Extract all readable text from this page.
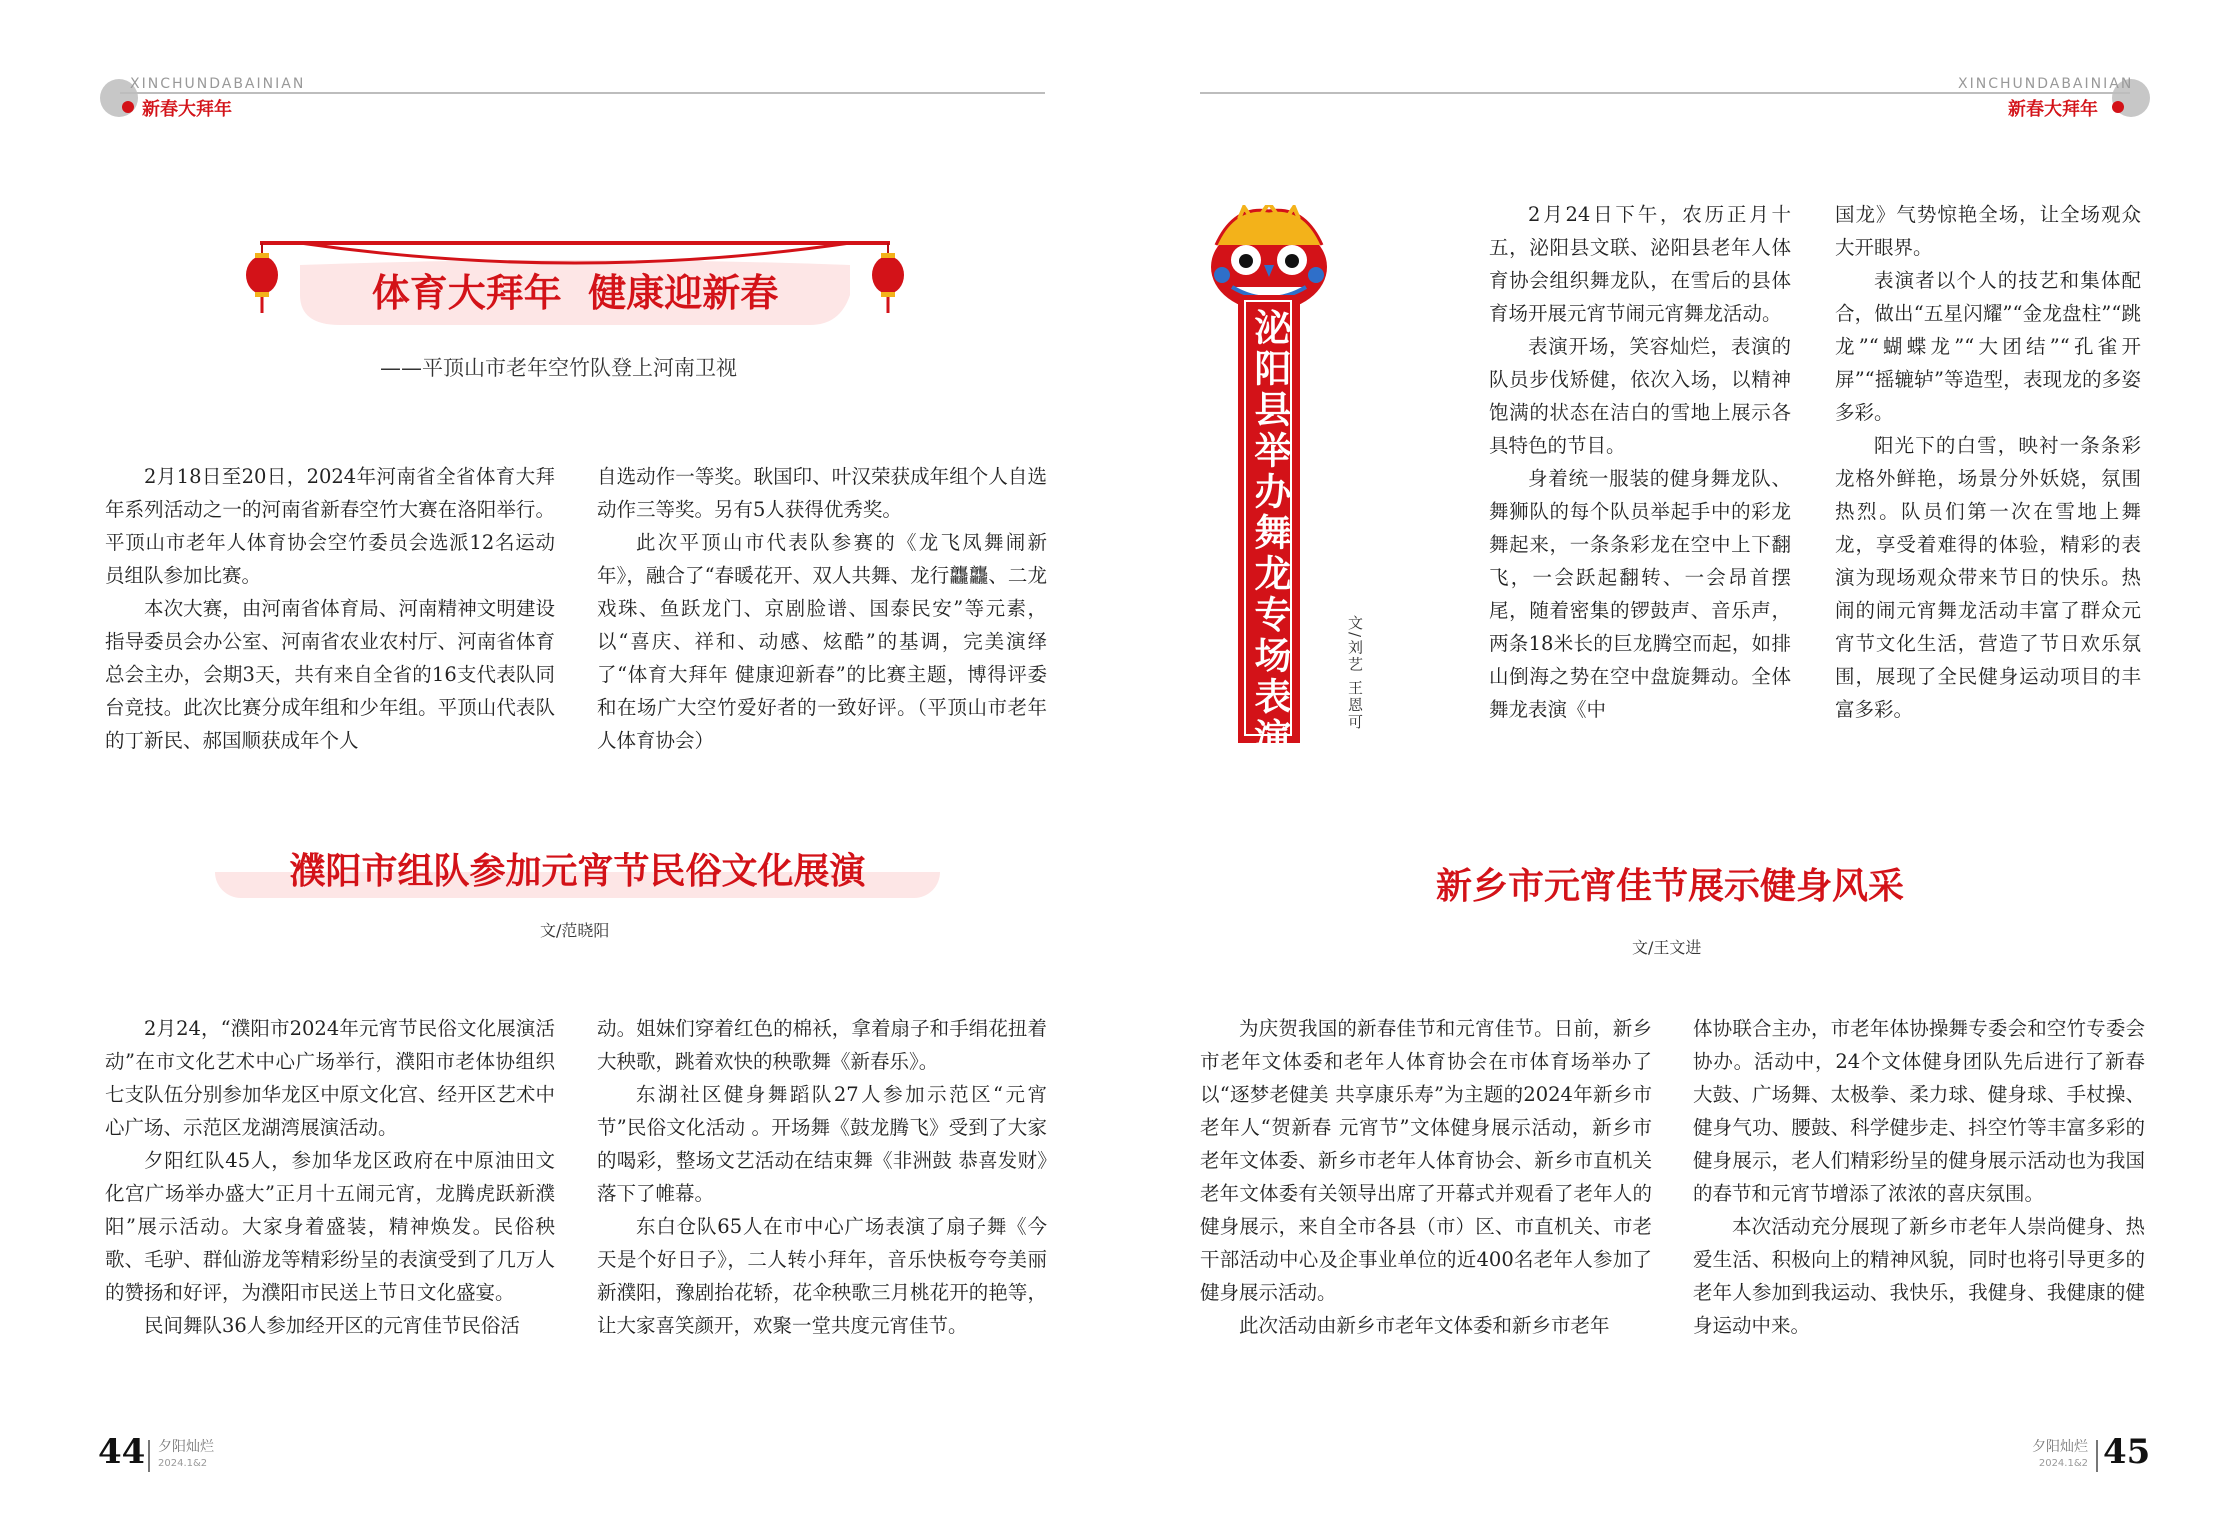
XINCHUNDABAINIAN
新春大拜年
XINCHUNDABAINIAN
新春大拜年
体育大拜年  健康迎新春
——平顶山市老年空竹队登上河南卫视

2月18日至20日，2024年河南省全省体育大拜年系列活动之一的河南省新春空竹大赛在洛阳举行。平顶山市老年人体育协会空竹委员会选派12名运动员组队参加比赛。

本次大赛，由河南省体育局、河南精神文明建设指导委员会办公室、河南省农业农村厅、河南省体育总会主办，会期3天，共有来自全省的16支代表队同台竞技。此次比赛分成年组和少年组。平顶山代表队的丁新民、郝国顺获成年个人

自选动作一等奖。耿国印、叶汉荣获成年组个人自选动作三等奖。另有5人获得优秀奖。

此次平顶山市代表队参赛的《龙飞凤舞闹新年》，融合了“春暖花开、双人共舞、龙行龘龘、二龙戏珠、鱼跃龙门、京剧脸谱、国泰民安”等元素，以“喜庆、祥和、动感、炫酷”的基调，完美演绎了“体育大拜年 健康迎新春”的比赛主题，博得评委和在场广大空竹爱好者的一致好评。（平顶山市老年人体育协会）

濮阳市组队参加元宵节民俗文化展演
文/范晓阳

2月24，“濮阳市2024年元宵节民俗文化展演活动”在市文化艺术中心广场举行，濮阳市老体协组织七支队伍分别参加华龙区中原文化宫、经开区艺术中心广场、示范区龙湖湾展演活动。

夕阳红队45人，参加华龙区政府在中原油田文化宫广场举办盛大”正月十五闹元宵，龙腾虎跃新濮阳”展示活动。大家身着盛装，精神焕发。民俗秧歌、毛驴、群仙游龙等精彩纷呈的表演受到了几万人的赞扬和好评，为濮阳市民送上节日文化盛宴。

民间舞队36人参加经开区的元宵佳节民俗活

动。姐妹们穿着红色的棉袄，拿着扇子和手绢花扭着大秧歌，跳着欢快的秧歌舞《新春乐》。

东湖社区健身舞蹈队27人参加示范区“元宵节”民俗文化活动 。开场舞《鼓龙腾飞》受到了大家的喝彩，整场文艺活动在结束舞《非洲鼓 恭喜发财》落下了帷幕。

东白仓队65人在市中心广场表演了扇子舞《今天是个好日子》，二人转小拜年，音乐快板夸夸美丽新濮阳，豫剧抬花轿，花伞秧歌三月桃花开的艳等，让大家喜笑颜开，欢聚一堂共度元宵佳节。

泌阳县举办舞龙专场表演	文/刘艺 王恩可

2月24日下午，农历正月十五，泌阳县文联、泌阳县老年人体育协会组织舞龙队，在雪后的县体育场开展元宵节闹元宵舞龙活动。

表演开场，笑容灿烂，表演的队员步伐矫健，依次入场，以精神饱满的状态在洁白的雪地上展示各具特色的节目。

身着统一服装的健身舞龙队、舞狮队的每个队员举起手中的彩龙舞起来，一条条彩龙在空中上下翻飞，一会跃起翻转、一会昂首摆尾，随着密集的锣鼓声、音乐声，两条18米长的巨龙腾空而起，如排山倒海之势在空中盘旋舞动。全体舞龙表演《中

国龙》气势惊艳全场，让全场观众大开眼界。

表演者以个人的技艺和集体配合，做出“五星闪耀”“金龙盘柱”“跳龙”“蝴蝶龙”“大团结”“孔雀开屏”“摇辘轳”等造型，表现龙的多姿多彩。

阳光下的白雪，映衬一条条彩龙格外鲜艳，场景分外妖娆，氛围热烈。队员们第一次在雪地上舞龙，享受着难得的体验，精彩的表演为现场观众带来节日的快乐。热闹的闹元宵舞龙活动丰富了群众元宵节文化生活，营造了节日欢乐氛围，展现了全民健身运动项目的丰富多彩。

新乡市元宵佳节展示健身风采
文/王文进

为庆贺我国的新春佳节和元宵佳节。日前，新乡市老年文体委和老年人体育协会在市体育场举办了以“逐梦老健美 共享康乐寿”为主题的2024年新乡市老年人“贺新春 元宵节”文体健身展示活动，新乡市老年文体委、新乡市老年人体育协会、新乡市直机关老年文体委有关领导出席了开幕式并观看了老年人的健身展示，来自全市各县（市）区、市直机关、市老干部活动中心及企事业单位的近400名老年人参加了健身展示活动。

此次活动由新乡市老年文体委和新乡市老年

体协联合主办，市老年体协操舞专委会和空竹专委会协办。活动中，24个文体健身团队先后进行了新春大鼓、广场舞、太极拳、柔力球、健身球、手杖操、健身气功、腰鼓、科学健步走、抖空竹等丰富多彩的健身展示，老人们精彩纷呈的健身展示活动也为我国的春节和元宵节增添了浓浓的喜庆氛围。

本次活动充分展现了新乡市老年人崇尚健身、热爱生活、积极向上的精神风貌，同时也将引导更多的老年人参加到我运动、我快乐，我健身、我健康的健身运动中来。

44 夕阳灿烂
2024.1&2
夕阳灿烂
2024.1&2 45
